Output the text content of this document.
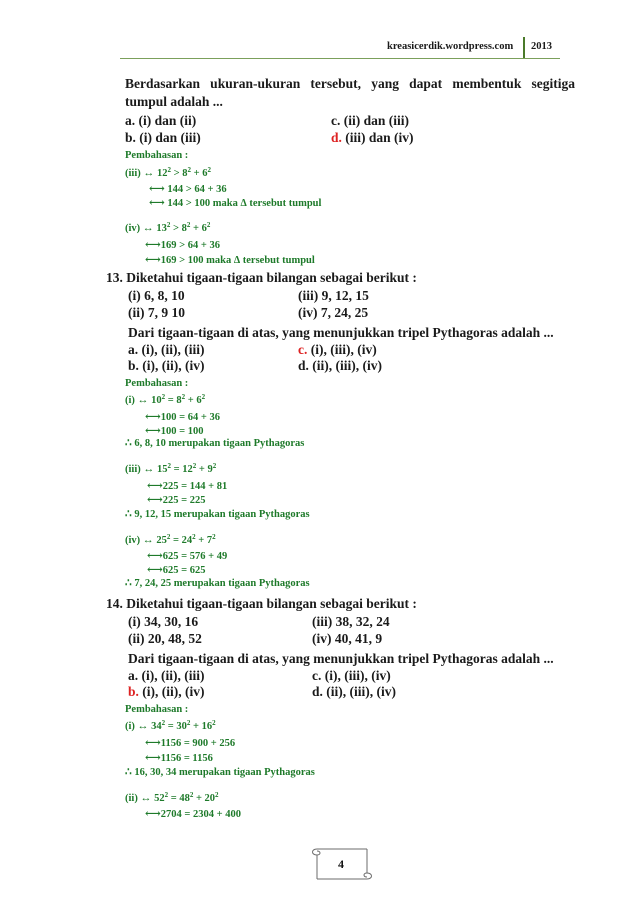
kreasicerdik.wordpress.com 2013
Berdasarkan ukuran-ukuran tersebut, yang dapat membentuk segitiga tumpul adalah ...
a. (i) dan (ii)
b. (i) dan (iii)
c. (ii) dan (iii)
d. (iii) dan (iv)
Pembahasan :
(iii) ↔ $12^2 > 8^2 + 6^2$
⟷ 144 > 64 + 36
⟷ 144 > 100 maka Δ tersebut tumpul
(iv) ↔ $13^2 > 8^2 + 6^2$
⟷169 > 64 + 36
⟷169 > 100 maka Δ tersebut tumpul
13. Diketahui tigaan-tigaan bilangan sebagai berikut :
(i) 6, 8, 10
(ii) 7, 9 10
(iii) 9, 12, 15
(iv) 7, 24, 25
Dari tigaan-tigaan di atas, yang menunjukkan tripel Pythagoras adalah ...
a. (i), (ii), (iii)
b. (i), (ii), (iv)
c. (i), (iii), (iv)
d. (ii), (iii), (iv)
Pembahasan :
(i) ↔ $10^2 = 8^2 + 6^2$
⟷100 = 64 + 36
⟷100 = 100
∴ 6, 8, 10 merupakan tigaan Pythagoras
(iii) ↔ $15^2 = 12^2 + 9^2$
⟷225 = 144 + 81
⟷225 = 225
∴ 9, 12, 15 merupakan tigaan Pythagoras
(iv) ↔ $25^2 = 24^2 + 7^2$
⟷625 = 576 + 49
⟷625 = 625
∴ 7, 24, 25 merupakan tigaan Pythagoras
14. Diketahui tigaan-tigaan bilangan sebagai berikut :
(i) 34, 30, 16
(ii) 20, 48, 52
(iii) 38, 32, 24
(iv) 40, 41, 9
Dari tigaan-tigaan di atas, yang menunjukkan tripel Pythagoras adalah ...
a. (i), (ii), (iii)
b. (i), (ii), (iv)
c. (i), (iii), (iv)
d. (ii), (iii), (iv)
Pembahasan :
(i) ↔ $34^2 = 30^2 + 16^2$
⟷1156 = 900 + 256
⟷1156 = 1156
∴ 16, 30, 34 merupakan tigaan Pythagoras
(ii) ↔ $52^2 = 48^2 + 20^2$
⟷2704 = 2304 + 400
4
